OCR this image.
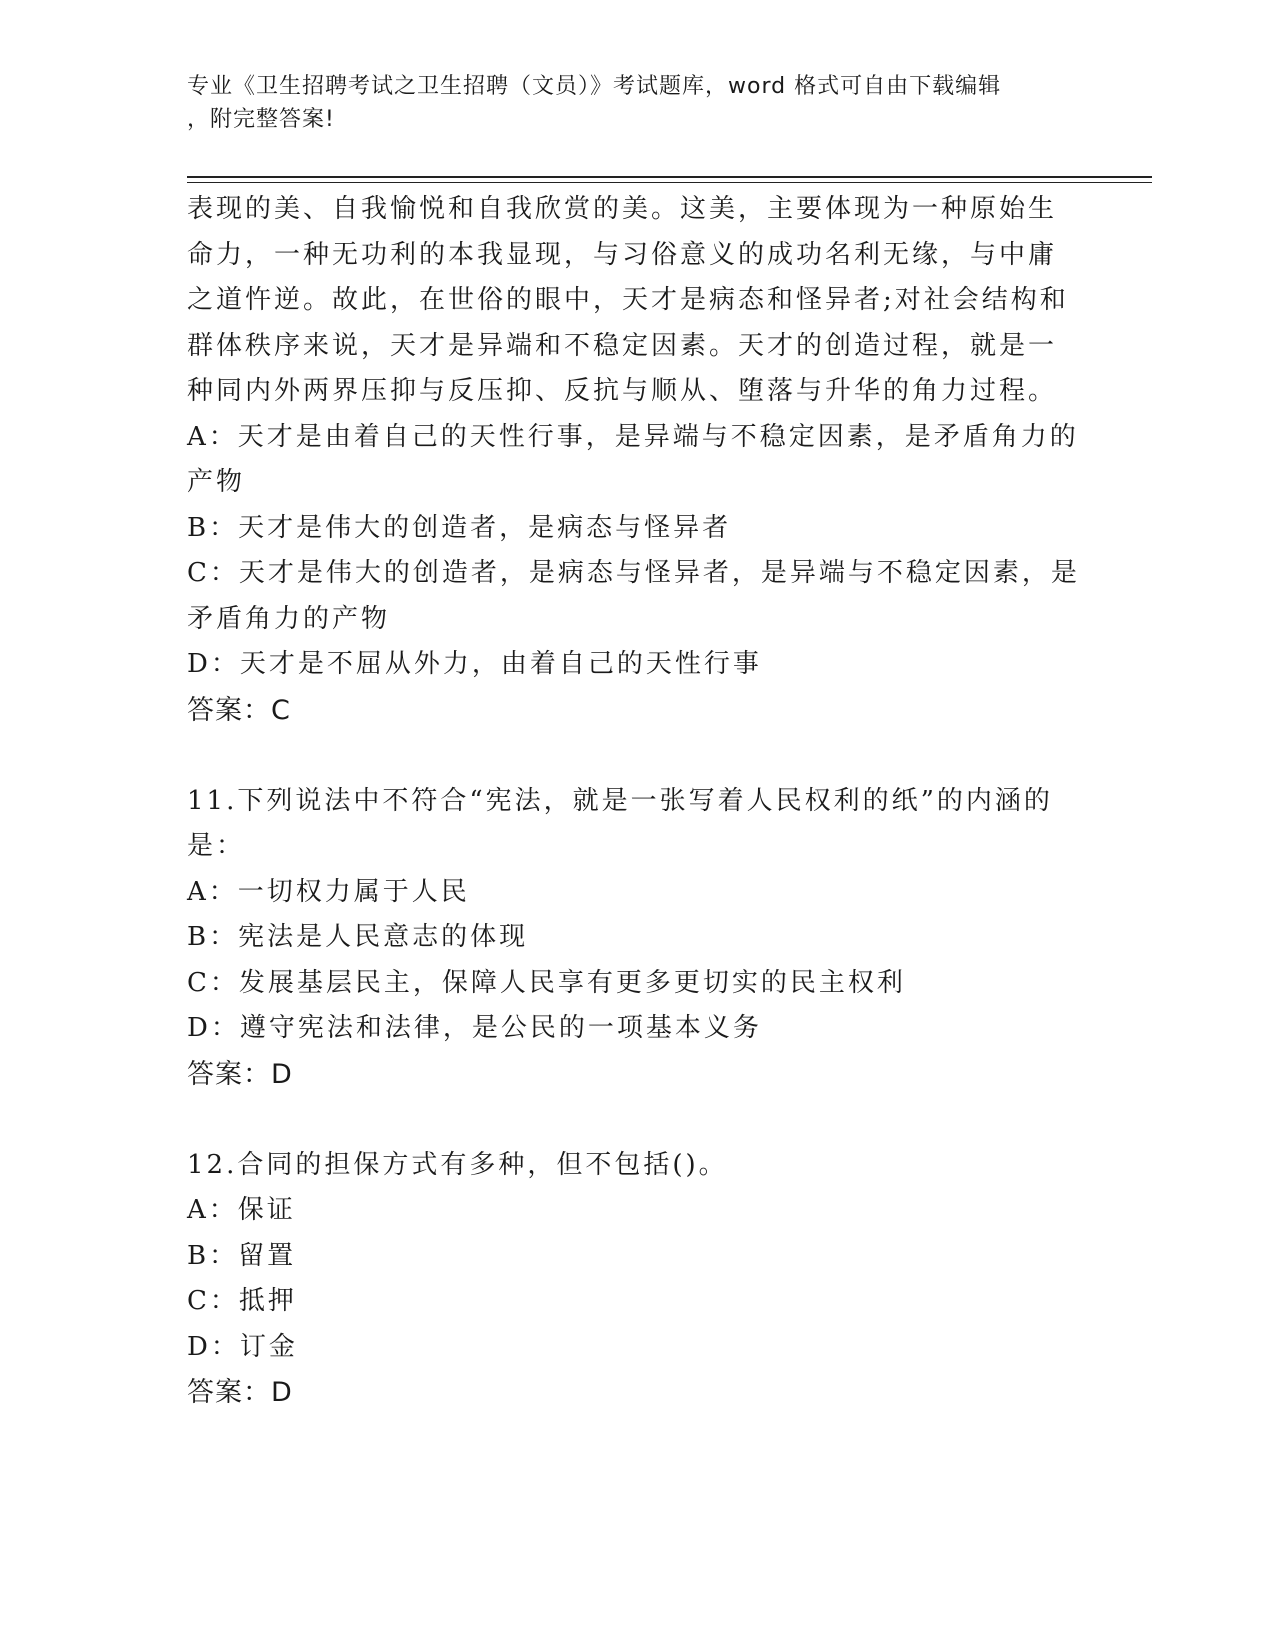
专业《卫生招聘考试之卫生招聘（文员）》考试题库，word 格式可自由下载编辑
，附完整答案!
表现的美、自我愉悦和自我欣赏的美。这美，主要体现为一种原始生
命力，一种无功利的本我显现，与习俗意义的成功名利无缘，与中庸
之道忤逆。故此，在世俗的眼中，天才是病态和怪异者;对社会结构和
群体秩序来说，天才是异端和不稳定因素。天才的创造过程，就是一
种同内外两界压抑与反压抑、反抗与顺从、堕落与升华的角力过程。
A：天才是由着自己的天性行事，是异端与不稳定因素，是矛盾角力的
产物
B：天才是伟大的创造者，是病态与怪异者
C：天才是伟大的创造者，是病态与怪异者，是异端与不稳定因素，是
矛盾角力的产物
D：天才是不屈从外力，由着自己的天性行事
答案：C
11.下列说法中不符合“宪法，就是一张写着人民权利的纸”的内涵的
是：
A：一切权力属于人民
B：宪法是人民意志的体现
C：发展基层民主，保障人民享有更多更切实的民主权利
D：遵守宪法和法律，是公民的一项基本义务
答案：D
12.合同的担保方式有多种，但不包括()。
A：保证
B：留置
C：抵押
D：订金
答案：D
